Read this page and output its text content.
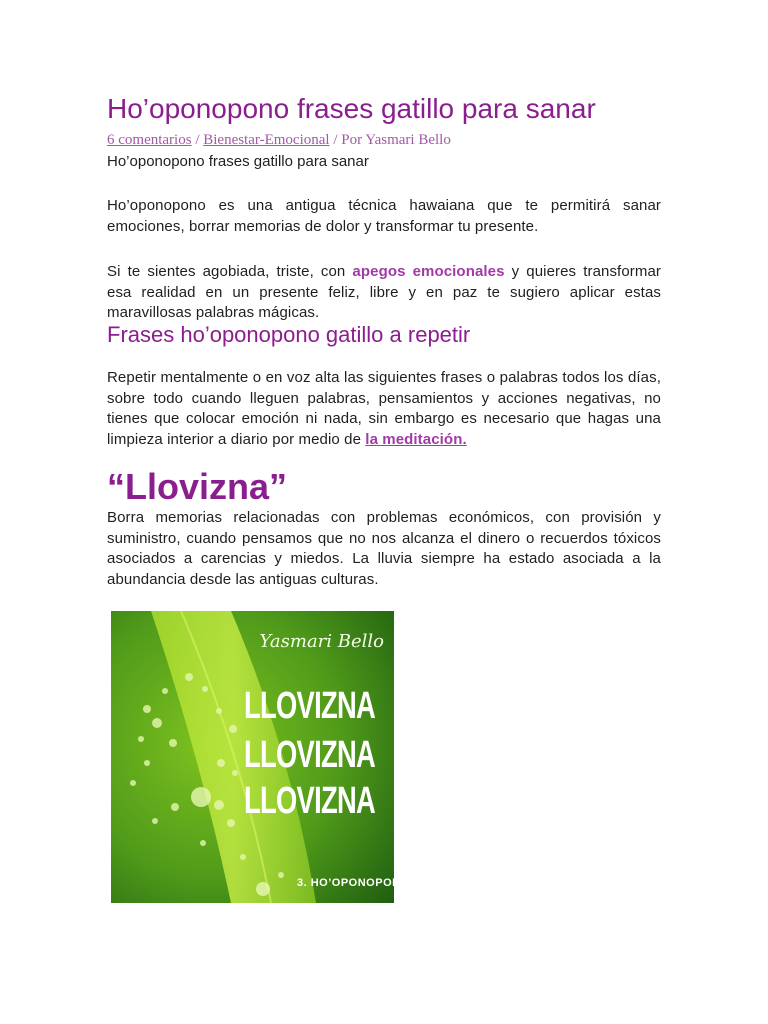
Ho’oponopono frases gatillo para sanar
6 comentarios / Bienestar-Emocional / Por Yasmari Bello
Ho’oponopono frases gatillo para sanar

Ho’oponopono es una antigua técnica hawaiana que te permitirá sanar emociones, borrar memorias de dolor y transformar tu presente.

Si te sientes agobiada, triste, con apegos emocionales y quieres transformar esa realidad en un presente feliz, libre y en paz te sugiero aplicar estas maravillosas palabras mágicas.

Frases ho’oponopono gatillo a repetir

Repetir mentalmente o en voz alta las siguientes frases o palabras todos los días, sobre todo cuando lleguen palabras, pensamientos y acciones negativas, no tienes que colocar emoción ni nada, sin embargo es necesario que hagas una limpieza interior a diario por medio de la meditación.

“Llovizna”

Borra memorias relacionadas con problemas económicos, con provisión y suministro, cuando pensamos que no nos alcanza el dinero o recuerdos tóxicos asociados a carencias y miedos. La lluvia siempre ha estado asociada a la abundancia desde las antiguas culturas.

Yasmari Bello
LLOVIZNA
LLOVIZNA
LLOVIZNA
3. HO’OPONOPONO
